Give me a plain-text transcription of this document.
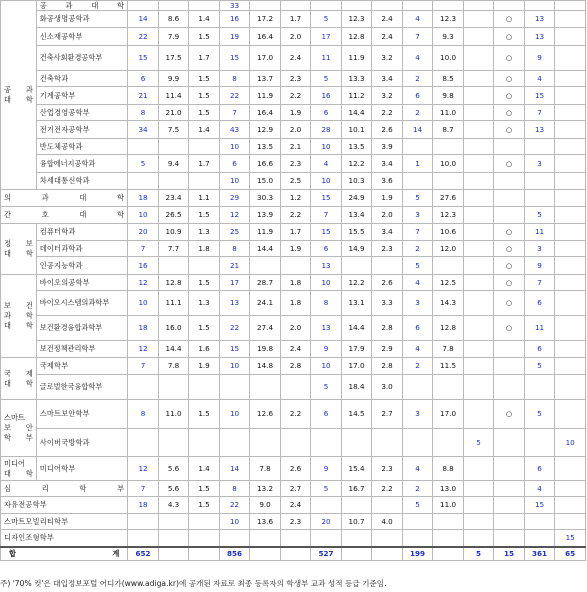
공 과
대 학	공 과 대 학				33											
	화공생명공학과	14	8.6	1.4	16	17.2	1.7	5	12.3	2.4	4	12.3		○	13	
	신소재공학부	22	7.9	1.5	19	16.4	2.0	17	12.8	2.4	7	9.3		○	13	
	건축사회환경공학부	15	17.5	1.7	15	17.0	2.4	11	11.9	3.2	4	10.0		○	9	
	건축학과	6	9.9	1.5	8	13.7	2.3	5	13.3	3.4	2	8.5		○	4	
	기계공학부	21	11.4	1.5	22	11.9	2.2	16	11.2	3.2	6	9.8		○	15	
	산업경영공학부	8	21.0	1.5	7	16.4	1.9	6	14.4	2.2	2	11.0		○	7	
	전기전자공학부	34	7.5	1.4	43	12.9	2.0	28	10.1	2.6	14	8.7		○	13	
	반도체공학과				10	13.5	2.1	10	13.5	3.9						
	융합에너지공학과	5	9.4	1.7	6	16.6	2.3	4	12.2	3.4	1	10.0		○	3	
	차세대통신학과				10	15.0	2.5	10	10.3	3.6						
의 과 대 학		18	23.4	1.1	29	30.3	1.2	15	24.9	1.9	5	27.6				
간 호 대 학		10	26.5	1.5	12	13.9	2.2	7	13.4	2.0	3	12.3			5	

정 보
대 학	컴퓨터학과	20	10.9	1.3	25	11.9	1.7	15	15.5	3.4	7	10.6		○	11	
	데이터과학과	7	7.7	1.8	8	14.4	1.9	6	14.9	2.3	2	12.0		○	3	
	인공지능학과	16			21			13			5			○	9	

보 건
과 학
대 학	바이오의공학부	12	12.8	1.5	17	28.7	1.8	10	12.2	2.6	4	12.5		○	7	
	바이오시스템의과학부	10	11.1	1.3	13	24.1	1.8	8	13.1	3.3	3	14.3		○	6	
	보건환경융합과학부	18	16.0	1.5	22	27.4	2.0	13	14.4	2.8	6	12.8		○	11	
	보건정책관리학부	12	14.4	1.6	15	19.8	2.4	9	17.9	2.9	4	7.8			6	

국 제
대 학	국제학부	7	7.8	1.9	10	14.8	2.8	10	17.0	2.8	2	11.5			5	
	글로벌한국융합학부							5	18.4	3.0						

스마트
보 안
학 부	스마트보안학부	8	11.0	1.5	10	12.6	2.2	6	14.5	2.7	3	17.0		○	5	
	사이버국방학과												5			10

미디어
대 학	미디어학부	12	5.6	1.4	14	7.8	2.6	9	15.4	2.3	4	8.8			6	
심 리 학 부		7	5.6	1.5	8	13.2	2.7	5	16.7	2.2	2	13.0			4	
자유전공학부		18	4.3	1.5	22	9.0	2.4				5	11.0			15	
스마트모빌리티학부					10	13.6	2.3	20	10.7	4.0						
디자인조형학부																15
합 계		652			856			527			199		5	15	361	65
주) '70% 컷'은 대입정보포털 어디가(www.adiga.kr)에 공개된 자료로 최종 등록자의 학생부 교과 성적 등급 기준임.
